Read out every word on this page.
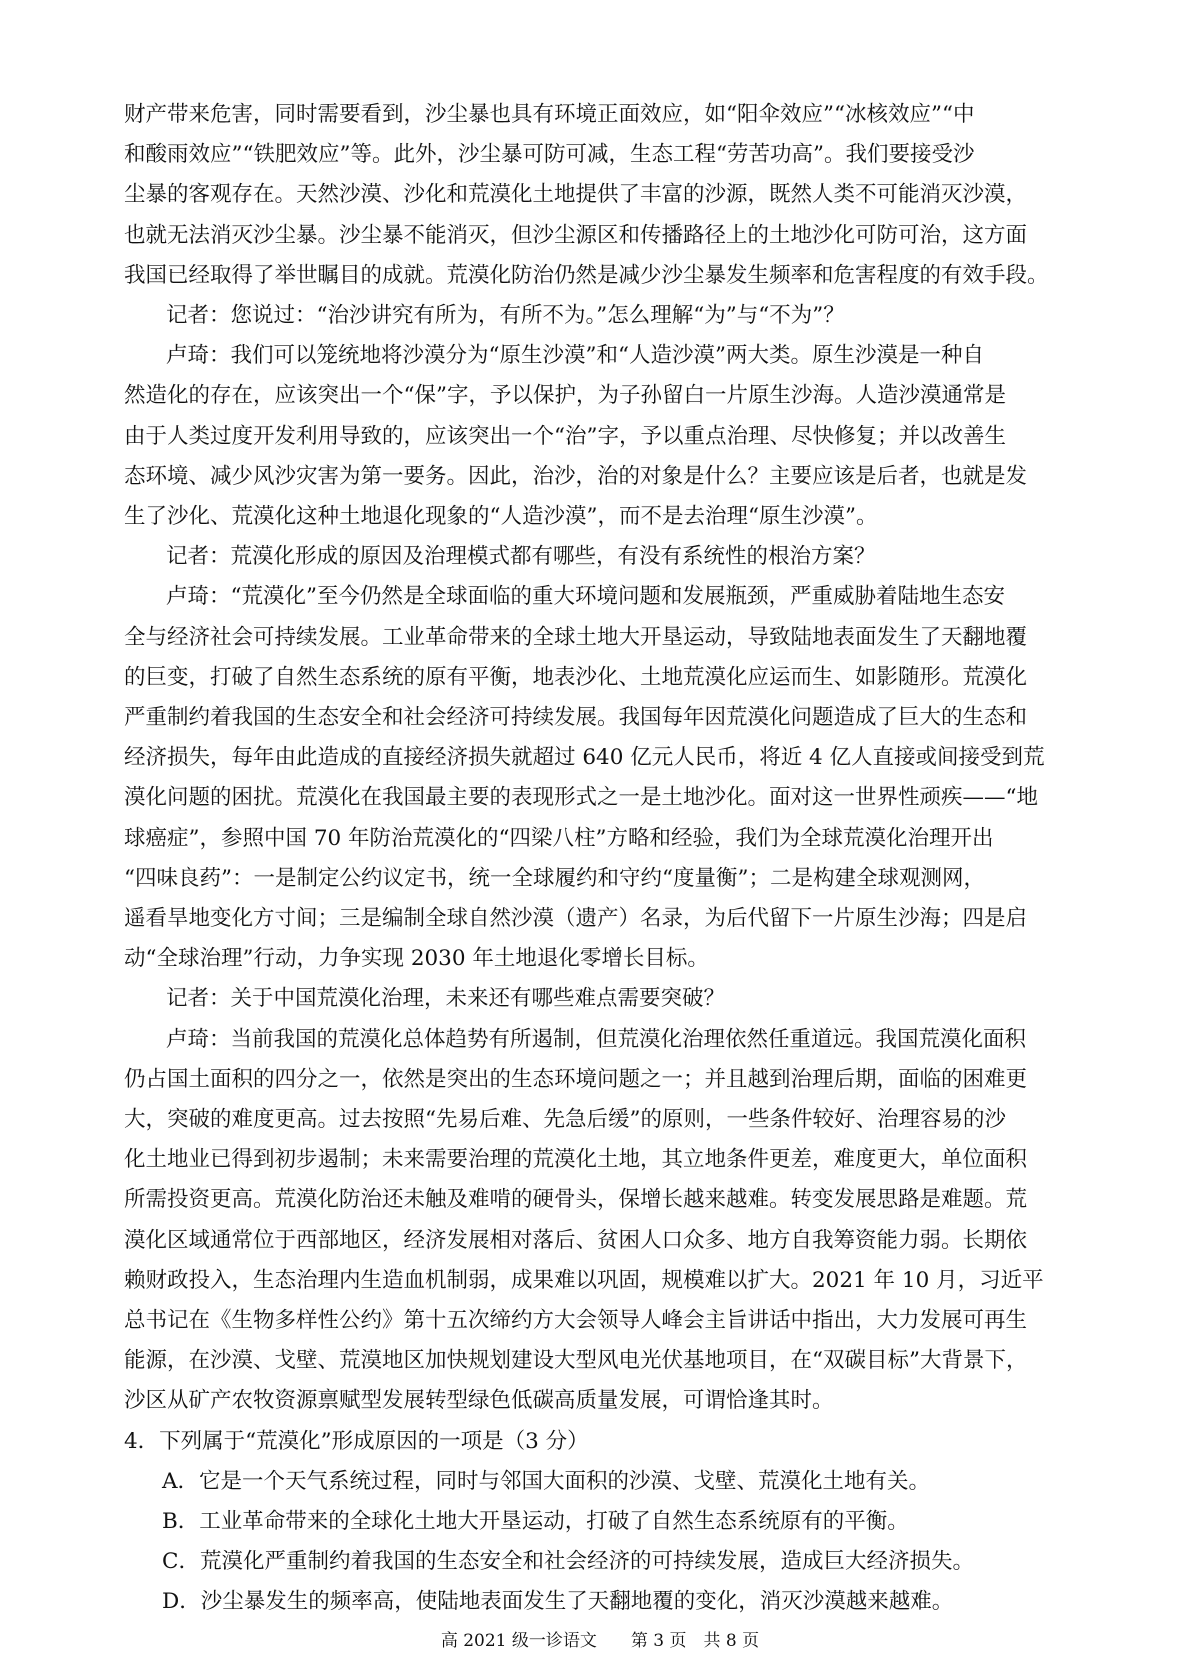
财产带来危害，同时需要看到，沙尘暴也具有环境正面效应，如“阳伞效应”“冰核效应”“中
和酸雨效应”“铁肥效应”等。此外，沙尘暴可防可减，生态工程“劳苦功高”。我们要接受沙
尘暴的客观存在。天然沙漠、沙化和荒漠化土地提供了丰富的沙源，既然人类不可能消灭沙漠，
也就无法消灭沙尘暴。沙尘暴不能消灭，但沙尘源区和传播路径上的土地沙化可防可治，这方面
我国已经取得了举世瞩目的成就。荒漠化防治仍然是减少沙尘暴发生频率和危害程度的有效手段。
记者：您说过：“治沙讲究有所为，有所不为。”怎么理解“为”与“不为”？
卢琦：我们可以笼统地将沙漠分为“原生沙漠”和“人造沙漠”两大类。原生沙漠是一种自
然造化的存在，应该突出一个“保”字，予以保护，为子孙留白一片原生沙海。人造沙漠通常是
由于人类过度开发利用导致的，应该突出一个“治”字，予以重点治理、尽快修复；并以改善生
态环境、减少风沙灾害为第一要务。因此，治沙，治的对象是什么？主要应该是后者，也就是发
生了沙化、荒漠化这种土地退化现象的“人造沙漠”，而不是去治理“原生沙漠”。
记者：荒漠化形成的原因及治理模式都有哪些，有没有系统性的根治方案？
卢琦：“荒漠化”至今仍然是全球面临的重大环境问题和发展瓶颈，严重威胁着陆地生态安
全与经济社会可持续发展。工业革命带来的全球土地大开垦运动，导致陆地表面发生了天翻地覆
的巨变，打破了自然生态系统的原有平衡，地表沙化、土地荒漠化应运而生、如影随形。荒漠化
严重制约着我国的生态安全和社会经济可持续发展。我国每年因荒漠化问题造成了巨大的生态和
经济损失，每年由此造成的直接经济损失就超过 640 亿元人民币，将近 4 亿人直接或间接受到荒
漠化问题的困扰。荒漠化在我国最主要的表现形式之一是土地沙化。面对这一世界性顽疾——“地
球癌症”，参照中国 70 年防治荒漠化的“四梁八柱”方略和经验，我们为全球荒漠化治理开出
“四味良药”：一是制定公约议定书，统一全球履约和守约“度量衡”；二是构建全球观测网，
遥看旱地变化方寸间；三是编制全球自然沙漠（遗产）名录，为后代留下一片原生沙海；四是启
动“全球治理”行动，力争实现 2030 年土地退化零增长目标。
记者：关于中国荒漠化治理，未来还有哪些难点需要突破？
卢琦：当前我国的荒漠化总体趋势有所遏制，但荒漠化治理依然任重道远。我国荒漠化面积
仍占国土面积的四分之一，依然是突出的生态环境问题之一；并且越到治理后期，面临的困难更
大，突破的难度更高。过去按照“先易后难、先急后缓”的原则，一些条件较好、治理容易的沙
化土地业已得到初步遏制；未来需要治理的荒漠化土地，其立地条件更差，难度更大，单位面积
所需投资更高。荒漠化防治还未触及难啃的硬骨头，保增长越来越难。转变发展思路是难题。荒
漠化区域通常位于西部地区，经济发展相对落后、贫困人口众多、地方自我筹资能力弱。长期依
赖财政投入，生态治理内生造血机制弱，成果难以巩固，规模难以扩大。2021 年 10 月，习近平
总书记在《生物多样性公约》第十五次缔约方大会领导人峰会主旨讲话中指出，大力发展可再生
能源，在沙漠、戈壁、荒漠地区加快规划建设大型风电光伏基地项目，在“双碳目标”大背景下，
沙区从矿产农牧资源禀赋型发展转型绿色低碳高质量发展，可谓恰逢其时。
4．下列属于“荒漠化”形成原因的一项是（3 分）
A．它是一个天气系统过程，同时与邻国大面积的沙漠、戈壁、荒漠化土地有关。
B．工业革命带来的全球化土地大开垦运动，打破了自然生态系统原有的平衡。
C．荒漠化严重制约着我国的生态安全和社会经济的可持续发展，造成巨大经济损失。
D．沙尘暴发生的频率高，使陆地表面发生了天翻地覆的变化，消灭沙漠越来越难。
高 2021 级一诊语文　　第 3 页　共 8 页
